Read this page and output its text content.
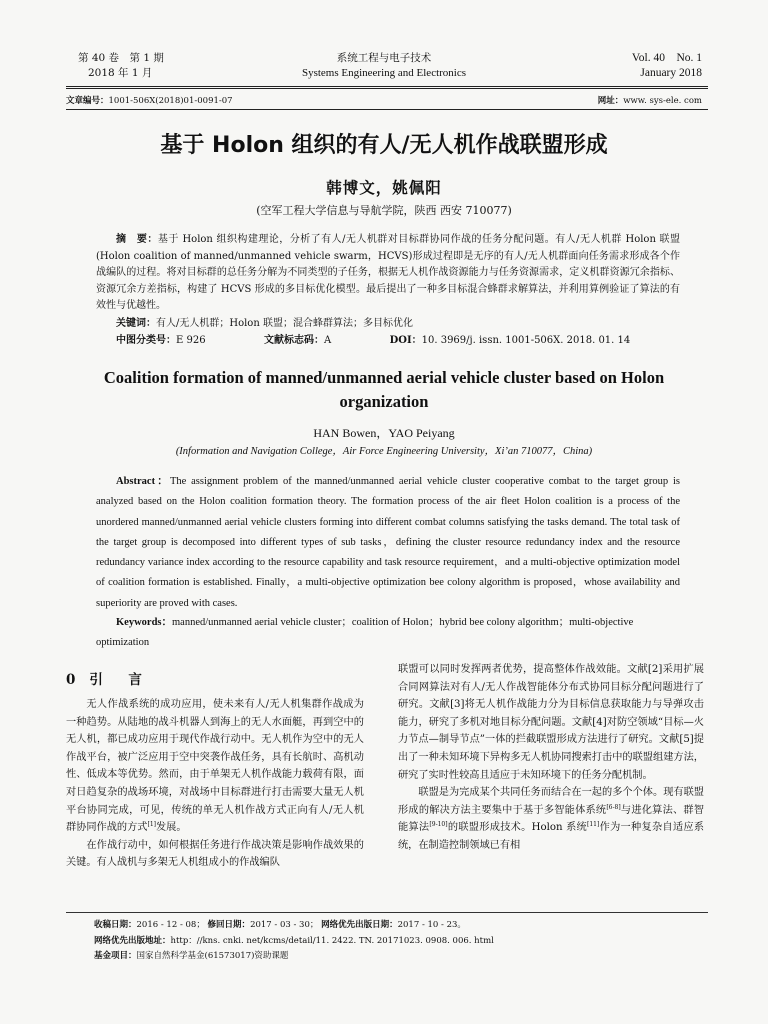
第 40 卷　第 1 期
2018 年 1 月
系统工程与电子技术
Systems Engineering and Electronics
Vol. 40　No. 1
January 2018
文章编号：1001-506X(2018)01-0091-07	网址：www. sys-ele. com
基于 Holon 组织的有人/无人机作战联盟形成
韩博文，姚佩阳
(空军工程大学信息与导航学院，陕西 西安 710077)
摘　要：基于 Holon 组织构建理论，分析了有人/无人机群对目标群协同作战的任务分配问题。有人/无人机群 Holon 联盟(Holon coalition of manned/unmanned vehicle swarm，HCVS)形成过程即是无序的有人/无人机群面向任务需求形成各个作战编队的过程。将对目标群的总任务分解为不同类型的子任务，根据无人机作战资源能力与任务资源需求，定义机群资源冗余指标、资源冗余方差指标，构建了 HCVS 形成的多目标优化模型。最后提出了一种多目标混合蜂群求解算法，并利用算例验证了算法的有效性与优越性。
关键词：有人/无人机群；Holon 联盟；混合蜂群算法；多目标优化
中图分类号：E 926	文献标志码：A	DOI：10. 3969/j. issn. 1001-506X. 2018. 01. 14
Coalition formation of manned/unmanned aerial vehicle cluster based on Holon organization
HAN Bowen，YAO Peiyang
(Information and Navigation College，Air Force Engineering University，Xi’an 710077，China)
Abstract：The assignment problem of the manned/unmanned aerial vehicle cluster cooperative combat to the target group is analyzed based on the Holon coalition formation theory. The formation process of the air fleet Holon coalition is a process of the unordered manned/unmanned aerial vehicle clusters forming into different combat columns satisfying the tasks demand. The total task of the target group is decomposed into different types of sub tasks，defining the cluster resource redundancy index and the resource redundancy variance index according to the resource capability and task resource requirement，and a multi-objective optimization model of coalition formation is established. Finally，a multi-objective optimization bee colony algorithm is proposed，whose availability and superiority are proved with cases.
Keywords：manned/unmanned aerial vehicle cluster；coalition of Holon；hybrid bee colony algorithm；multi-objective optimization
0 引　言

无人作战系统的成功应用，使未来有人/无人机集群作战成为一种趋势。从陆地的战斗机器人到海上的无人水面艇，再到空中的无人机，都已成功应用于现代作战行动中。无人机作为空中的无人作战平台，被广泛应用于空中突袭作战任务，具有长航时、高机动性、低成本等优势。然而，由于单架无人机作战能力载荷有限，面对日趋复杂的战场环境，对战场中目标群进行打击需要大量无人机平台协同完成，可见，传统的单无人机作战方式正向有人/无人机群协同作战的方式[1]发展。

在作战行动中，如何根据任务进行作战决策是影响作战效果的关键。有人战机与多架无人机组成小的作战编队

联盟可以同时发挥两者优势，提高整体作战效能。文献[2]采用扩展合同网算法对有人/无人作战智能体分布式协同目标分配问题进行了研究。文献[3]将无人机作战能力分为目标信息获取能力与导弹攻击能力，研究了多机对地目标分配问题。文献[4]对防空领域“目标—火力节点—制导节点”一体的拦截联盟形成方法进行了研究。文献[5]提出了一种未知环境下异构多无人机协同搜索打击中的联盟组建方法，研究了实时性较高且适应于未知环境下的任务分配机制。

联盟是为完成某个共同任务而结合在一起的多个个体。现有联盟形成的解决方法主要集中于基于多智能体系统[6-8]与进化算法、群智能算法[9-10]的联盟形成技术。Holon 系统[11]作为一种复杂自适应系统，在制造控制领域已有相

收稿日期：2016 - 12 - 08； 修回日期：2017 - 03 - 30； 网络优先出版日期：2017 - 10 - 23。
网络优先出版地址：http：//kns. cnki. net/kcms/detail/11. 2422. TN. 20171023. 0908. 006. html
基金项目：国家自然科学基金(61573017)资助课题
